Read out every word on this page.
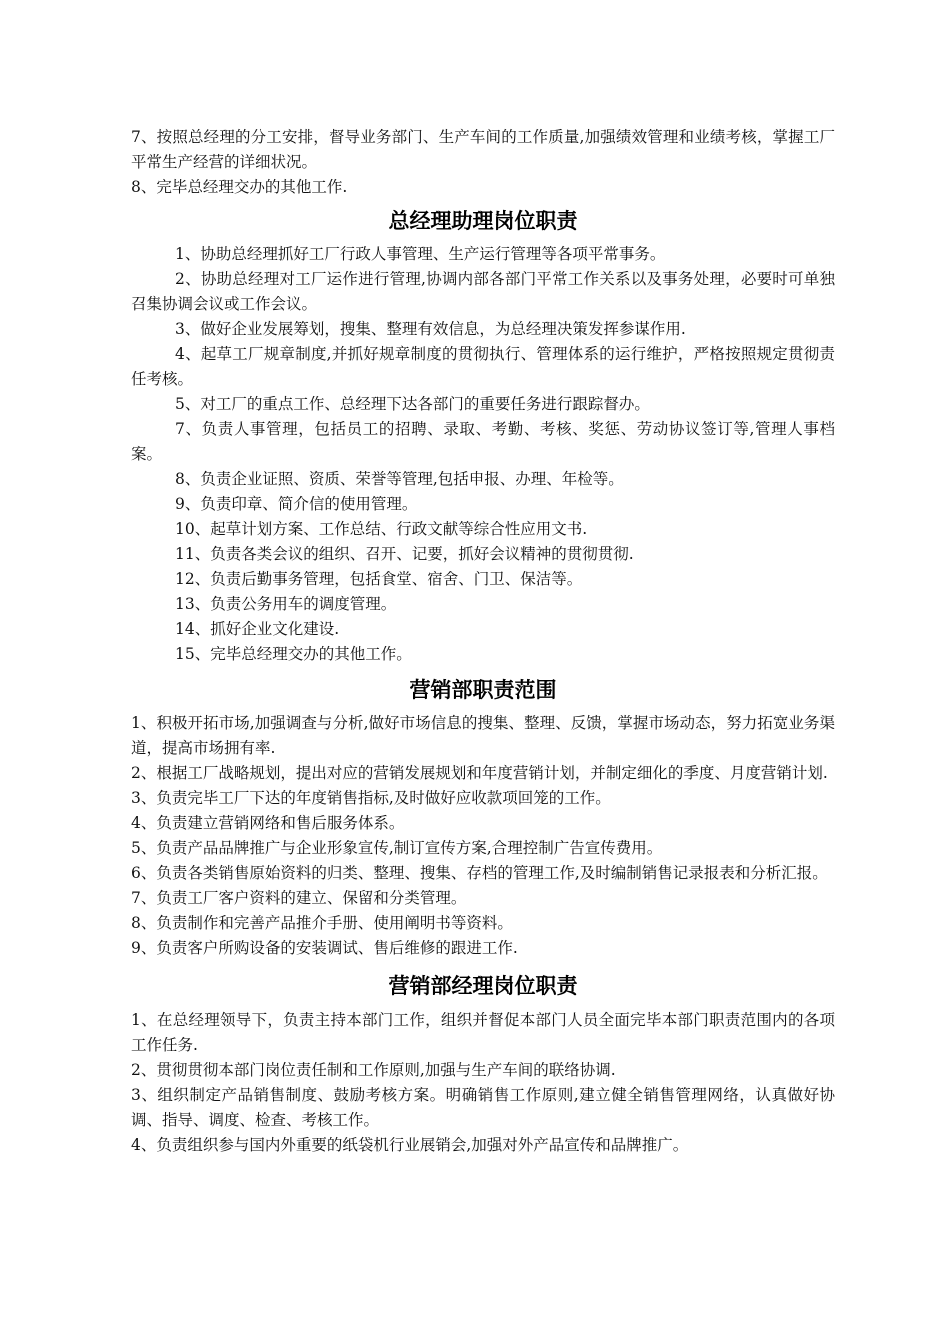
7、按照总经理的分工安排，督导业务部门、生产车间的工作质量,加强绩效管理和业绩考核，掌握工厂平常生产经营的详细状况。

8、完毕总经理交办的其他工作.

总经理助理岗位职责

1、协助总经理抓好工厂行政人事管理、生产运行管理等各项平常事务。

2、协助总经理对工厂运作进行管理,协调内部各部门平常工作关系以及事务处理，必要时可单独召集协调会议或工作会议。

3、做好企业发展筹划，搜集、整理有效信息，为总经理决策发挥参谋作用.

4、起草工厂规章制度,并抓好规章制度的贯彻执行、管理体系的运行维护，严格按照规定贯彻责任考核。

5、对工厂的重点工作、总经理下达各部门的重要任务进行跟踪督办。

7、负责人事管理，包括员工的招聘、录取、考勤、考核、奖惩、劳动协议签订等,管理人事档案。

8、负责企业证照、资质、荣誉等管理,包括申报、办理、年检等。

9、负责印章、简介信的使用管理。

10、起草计划方案、工作总结、行政文献等综合性应用文书.

11、负责各类会议的组织、召开、记要，抓好会议精神的贯彻贯彻.

12、负责后勤事务管理，包括食堂、宿舍、门卫、保洁等。

13、负责公务用车的调度管理。

14、抓好企业文化建设.

15、完毕总经理交办的其他工作。

营销部职责范围

1、积极开拓市场,加强调查与分析,做好市场信息的搜集、整理、反馈，掌握市场动态，努力拓宽业务渠道，提高市场拥有率.

2、根据工厂战略规划，提出对应的营销发展规划和年度营销计划，并制定细化的季度、月度营销计划.

3、负责完毕工厂下达的年度销售指标,及时做好应收款项回笼的工作。

4、负责建立营销网络和售后服务体系。

5、负责产品品牌推广与企业形象宣传,制订宣传方案,合理控制广告宣传费用。

6、负责各类销售原始资料的归类、整理、搜集、存档的管理工作,及时编制销售记录报表和分析汇报。

7、负责工厂客户资料的建立、保留和分类管理。

8、负责制作和完善产品推介手册、使用阐明书等资料。

9、负责客户所购设备的安装调试、售后维修的跟进工作.

营销部经理岗位职责

1、在总经理领导下，负责主持本部门工作，组织并督促本部门人员全面完毕本部门职责范围内的各项工作任务.

2、贯彻贯彻本部门岗位责任制和工作原则,加强与生产车间的联络协调.

3、组织制定产品销售制度、鼓励考核方案。明确销售工作原则,建立健全销售管理网络，认真做好协调、指导、调度、检查、考核工作。

4、负责组织参与国内外重要的纸袋机行业展销会,加强对外产品宣传和品牌推广。
